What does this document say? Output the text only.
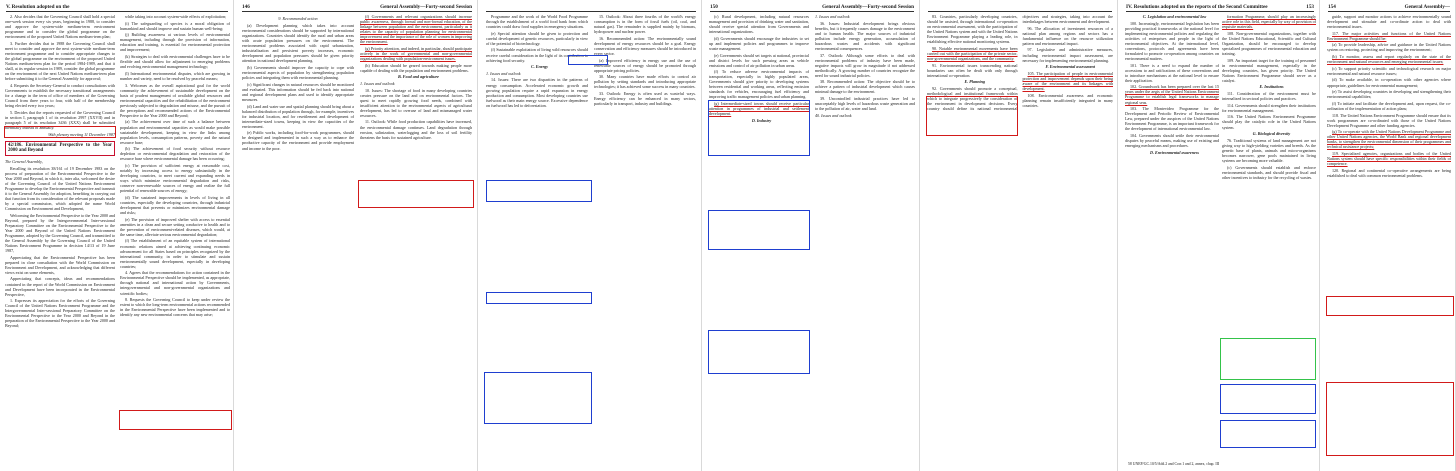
V. Resolution adopted on the

2. Also decides that the Governing Council shall hold a special one-week session every six years, beginning in 1988, to consider and approve the system-wide medium-term environment programme and to consider the global programme on the environment of the proposed United Nations medium-term plan;

3. Further decides that in 1988 the Governing Council shall meet to consider and approve the next system-wide medium-term environment programme and to consider appropriate changes to the global programme on the environment of the proposed United Nations medium-term plan for the period 1984-1989, and that it shall, at its regular session in 1989, consider the global programme on the environment of the next United Nations medium-term plan before submitting it to the General Assembly for approval;

4. Requests the Secretary-General to conduct consultations with Governments to establish the necessary transitional arrangements for a change in the term of office of members of the Governing Council from three years to four, with half of the membership being elected every two years;

5. Decides that the reports requested of the Governing Council in section I, paragraph 1 of its resolution 2997 (XXVII) and in paragraph 5 of its resolution 3436 (XXX) shall be submitted biennially instead of annually.

96th plenary meeting 11 December 1987

42/186. Environmental Perspective to the Year 2000 and Beyond

The General Assembly,

Recalling its resolution 38/161 of 19 December 1983 on the process of preparation of the Environmental Perspective to the Year 2000 and Beyond, in which it, inter alia, welcomed the desire of the Governing Council of the United Nations Environment Programme to develop the Environmental Perspective and transmit it to the General Assembly for adoption, benefiting in carrying out that function from its consideration of the relevant proposals made by a special commission, which adopted the name World Commission on Environment and Development,

Welcoming the Environmental Perspective to the Year 2000 and Beyond, prepared by the Intergovernmental Inter-sessional Preparatory Committee on the Environmental Perspective to the Year 2000 and Beyond of the United Nations Environment Programme, adopted by the Governing Council, and transmitted to the General Assembly by the Governing Council of the United Nations Environment Programme in decision 14/13 of 19 June 1987,

Appreciating that the Environmental Perspective has been prepared in close consultation with the World Commission on Environment and Development, and acknowledging that different views exist on some elements,

Appreciating that concepts, ideas and recommendations contained in the report of the World Commission on Environment and Development have been incorporated in the Environmental Perspective,

1. Expresses its appreciation for the efforts of the Governing Council of the United Nations Environment Programme and the Intergovernmental Inter-sessional Preparatory Committee on the Environmental Perspective to the Year 2000 and Beyond in the preparation of the Environmental Perspective to the Year 2000 and Beyond;

while taking into account system-wide effects of exploitation;

(i) The safeguarding of species is a moral obligation of humankind and should improve and sustain human well-being;

(j) Building awareness at various levels of environmental management, including through the provision of information, education and training, is essential for environmental protection and improvement;

(k) Strategies to deal with environmental challenges have to be flexible and should allow for adjustment to emerging problems and evolving environmental management technology;

(l) International environmental disputes, which are growing in number and variety, need to be resolved by peaceful means;

3. Welcomes as the overall aspirational goal for the world community the achievement of sustainable development on the basis of prudent management of available global resources and environmental capacities and the rehabilitation of the environment previously subjected to degradation and misuse, and the pursuit of the perceptions and recommended actions of the Environmental Perspective to the Year 2000 and Beyond;

(a) The achievement over time of such a balance between population and environmental capacities as would make possible sustainable development, keeping in view the links among population levels, consumption patterns, poverty and the natural resource base;

(b) The achievement of food security without resource depletion or environmental degradation and restoration of the resource base where environmental damage has been occurring;

(c) The provision of sufficient energy at reasonable cost, notably by increasing access to energy substantially in the developing countries, to meet current and expanding needs in ways which minimize environmental degradation and risks, conserve non-renewable sources of energy and realize the full potential of renewable sources of energy;

(d) The sustained improvements in levels of living in all countries, especially the developing countries, through industrial development that prevents or minimizes environmental damage and risks;

(e) The provision of improved shelter with access to essential amenities in a clean and secure setting conducive to health and to the prevention of environment-related diseases, which would, at the same time, alleviate serious environmental degradation;

(f) The establishment of an equitable system of international economic relations aimed at achieving continuing economic advancement for all States based on principles recognized by the international community, in order to stimulate and sustain environmentally sound development, especially in developing countries;

4. Agrees that the recommendations for action contained in the Environmental Perspective should be implemented, as appropriate, through national and international action by Governments, intergovernmental and non-governmental organizations and scientific bodies;

8. Requests the Governing Council to keep under review the extent to which the long-term environmental actions recommended in the Environmental Perspective have been implemented and to identify any new environmental concerns that may arise;

146	General Assembly—Forty-second Session

9. Recommended action

(a) Development planning which takes into account environmental considerations should be supported by international organizations. Countries should identify the rural and urban areas with acute population pressures on the environment. The environmental problems associated with rapid urbanization, industrialization and persistent poverty increases, economic development and population pressures should be given priority attention in national development planning.

(b) Governments should improve the capacity to cope with environmental aspects of population by strengthening population policies and integrating them with environmental planning.

(c) Significant changes in natural resources should be monitored and evaluated. This information should be fed back into national and regional development plans and used to identify appropriate measures.

(d) Land and water use and spatial planning should bring about a balanced distribution of population through, for example, incentives for industrial location, and for resettlement and development of intermediate-sized towns, keeping in view the capacities of the environment.

(e) Public works, including food-for-work programmes, should be designed and implemented in such a way as to enhance the productive capacity of the environment and provide employment and income to the poor.

(f) Governments and relevant organizations should increase public awareness, through formal and non-formal education, of the linkage between population and the environment, particularly as it relates to the capacity of population planning for environmental improvement and the importance of the role of women in improving the environment.

(g) Priority attention, and indeed, in particular, should participate actively in the work of governmental and non-governmental organizations dealing with population-environment issues.

(h) Education should be geared towards making people more capable of dealing with the population and environment problems.

B. Food and agriculture

1. Issues and outlook

10. Issues: The shortage of food in many developing countries creates pressure on the land and on environmental factors. The quest to meet rapidly growing food needs, combined with insufficient attention to the environmental aspects of agricultural development, has led to overuse of land and mismanaged water resources.

11. Outlook: While food production capabilities have increased, the environmental damage continues. Land degradation through erosion, salinization, waterlogging and the loss of soil fertility threatens the basis for sustained agriculture.

Programme and the work of the World Food Programme through the establishment of a world food bank from which countries could draw food supplies in emergency situations.

(e) Special attention should be given to protection and careful development of genetic resources, particularly in view of the potential of biotechnology.

(f) Sustainable exploitation of living wild resources should receive careful consideration in the light of its contribution to achieving food security.

C. Energy

1. Issues and outlook

14. Issues: There are two disparities in the patterns of energy consumption. Accelerated economic growth and growing population require a rapid expansion in energy production and consumption. Most developing countries use fuelwood as their main energy source. Excessive dependence on fuelwood has led to deforestation.

15. Outlook: About three fourths of the world's energy consumption is in the form of fossil fuels (oil, coal, and natural gas). The remainder is supplied mainly by biomass, hydropower and nuclear power.

16. Recommended action: The environmentally sound development of energy resources should be a goal. Energy conservation and efficiency measures should be introduced in every sector.

(a) Improved efficiency in energy use and the use of renewable sources of energy should be promoted through appropriate pricing policies.

30. Many countries have made efforts to control air pollution by setting standards and introducing appropriate technologies; it has achieved some success in many countries.

33. Outlook: Energy is often used as wasteful ways. Energy efficiency can be enhanced in many sectors, particularly in transport, industry and buildings.

150	General Assembly—Forty-second Session

(c) Rural development, including natural resources management and provision of drinking water and sanitation, should receive special attention from Governments and international organizations.

(d) Governments should encourage the industries to set up and implement policies and programmes to improve waste management.

(e) Governments should set targets at national, provincial and district levels for such pressing areas as vehicle emissions and control of air pollution in urban areas.

(f) To reduce adverse environmental impacts of transportation, especially in highly populated areas, Governments should give priority to developing systems between residential and working areas, reflecting emission standards for vehicles, encouraging fuel efficiency and improving traffic management policies and urban planning.

(g) Intermediate-sized towns should receive particular attention in programmes of industrial and settlement development.

D. Industry

1. Issues and outlook

36. Issues: Industrial development brings obvious benefits, but it frequently causes damage to the environment and to human health. The major sources of industrial pollution include energy generation, accumulation of hazardous wastes and accidents with significant environmental consequences.

37. Outlook: Although some efforts to deal with environmental problems of industry have been made, negative impacts will grow in magnitude if not addressed methodically. A growing number of countries recognize the need for sound industrial policies.

38. Recommended action: The objective should be to achieve a pattern of industrial development which causes minimal damage to the environment.

39. Uncontrolled industrial practices have led to unacceptably high levels of hazardous waste generation and to the pollution of air, water and land.

40. Issues and outlook

83. Countries, particularly developing countries, should be assisted, through international co-operation on environmental assessment, with the participation of the United Nations system and with the United Nations Environment Programme playing a leading role, in establishing effective national monitoring systems.

90. Notable environmental movements have been carried out with the participation of the private sector, non-governmental organizations, and the community.

91. Environmental issues transcending national boundaries can often be dealt with only through international co-operation.

E. Planning

92. Governments should promote a conceptual, methodological and institutional framework within which to integrate progressively the consideration of the environment in development decisions. Every country should define its national environmental objectives and strategies, taking into account the interlinkages between environment and development.

96. The allocation of investment resources of a national plan among regions and sectors has a fundamental influence on the resource utilization pattern and environmental impact.

97. Legislative and administrative measures, including environmental impact assessment, are necessary for implementing environmental planning.

F. Environmental assessment

105. The participation of people in environmental protection and improvement depends upon their being aware of the environment and its linkages with development.

108. Environmental awareness and economic planning remain insufficiently integrated in many countries.

IV. Resolutions adopted on the reports of the Second Committee	153

C. Legislation and environmental law

100. Increasingly, environmental legislation has been providing practical frameworks at the national level for implementing environmental policies and regulating the activities of enterprises and people in the light of environmental objectives. At the international level, conventions, protocols and agreements have been formulated to promote co-operation among countries on environmental matters.

101. There is a need to expand the number of accessions to and ratifications of these conventions and to introduce mechanisms at the national level to ensure their application.

102. Groundwork has been prepared over the last 15 years under the aegis of the United Nations Environment Programme to establish legal frameworks to manage regional seas.

103. The Montevideo Programme for the Development and Periodic Review of Environmental Law, prepared under the auspices of the United Nations Environment Programme, is an important framework for the development of international environmental law.

104. Governments should settle their environmental disputes by peaceful means, making use of existing and emerging mechanisms and procedures.

D. Environmental awareness

formation Programme, should play an increasingly active role in this field, especially by way of provision of requisite materials.

108. Non-governmental organizations, together with the United Nations Educational, Scientific and Cultural Organization, should be encouraged to develop specialized programmes of environmental education and training.

109. An important target for the training of personnel in environmental management, especially in the developing countries, has given priority. The United Nations Environment Programme should serve as a catalyst.

E. Institutions

111. Consideration of the environment must be internalized in sectoral policies and practices.

114. Governments should strengthen their institutions for environmental management.

116. The United Nations Environment Programme should play the catalytic role in the United Nations system.

G. Biological diversity

76. Traditional systems of land management are not giving way to high-yielding varieties and breeds. As the genetic base of plants, animals and micro-organisms becomes narrower, gene pools maintained in living systems are becoming more valuable.

(c) Governments should establish and enforce environmental standards, and should provide fiscal and other incentives to industry for the recycling of wastes.

154	General Assembly—

guide, support and monitor actions to achieve environmentally sound development and stimulate and co-ordinate action to deal with environmental issues.

117. The major activities and functions of the United Nations Environment Programme should be:

(a) To provide leadership, advice and guidance in the United Nations system on restoring, protecting and improving the environment;

(b) To monitor, assess and report regularly on the state of the environment and natural resources and emerging environmental issues;

(c) To support priority scientific and technological research on major environmental and natural resource issues;

(d) To make available, in co-operation with other agencies where appropriate, guidelines for environmental management;

(e) To assist developing countries in developing and strengthening their environmental capabilities;

(f) To initiate and facilitate the development and, upon request, the co-ordination of the implementation of action plans;

118. The United Nations Environment Programme should ensure that its work programmes are co-ordinated with those of the United Nations Development Programme and other funding agencies.

(g) To co-operate with the United Nations Development Programme and other United Nations agencies, the World Bank and regional development banks, to strengthen the environmental dimension of their programmes and technical assistance projects;

119. Specialized agencies, organizations and bodies of the United Nations system should have specific responsibilities within their fields of competence.

120. Regional and continental co-operative arrangements are being established to deal with common environmental problems.

58 UNEP/GC.10/5/Add.2 and Corr.1 and 2, annex, chap. III
